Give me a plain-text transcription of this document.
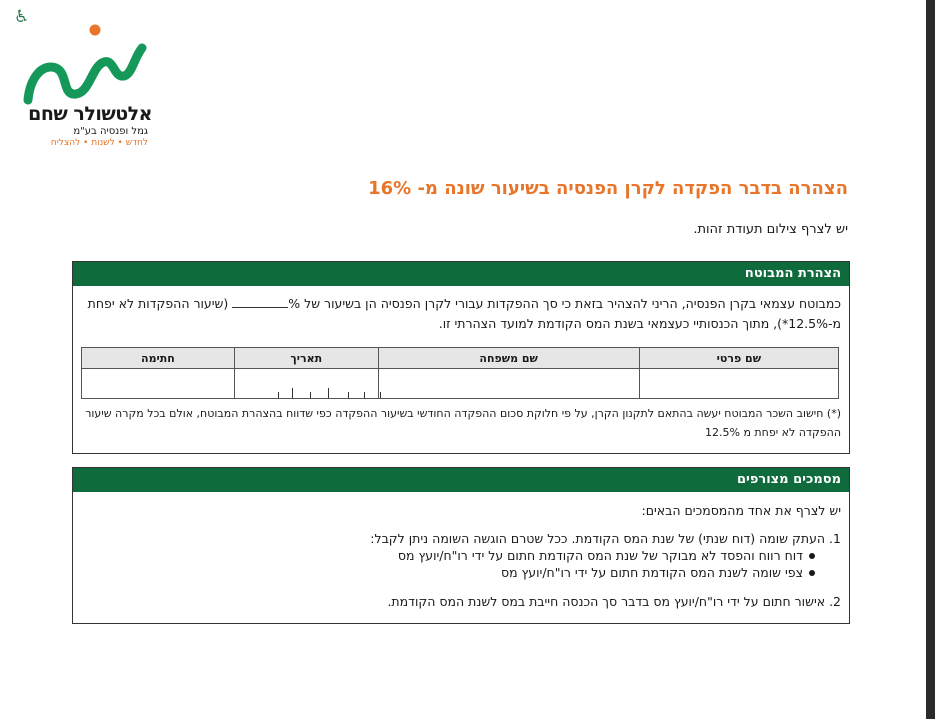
♿
אלטשולר שחם
גמל ופנסיה בע"מ
לחדש • לשנות • להצליח
הצהרה בדבר הפקדה לקרן הפנסיה בשיעור שונה מ- 16%
יש לצרף צילום תעודת זהות.
הצהרת המבוטח
כמבוטח עצמאי בקרן הפנסיה, הריני להצהיר בזאת כי סך ההפקדות עבורי לקרן הפנסיה הן בשיעור של % (שיעור ההפקדות לא יפחת מ-12.5%*), מתוך הכנסותיי כעצמאי בשנת המס הקודמת למועד הצהרתי זו.
שם פרטי	שם משפחה	תאריך	חתימה

(*) חישוב השכר המבוטח יעשה בהתאם לתקנון הקרן, על פי חלוקת סכום ההפקדה החודשי בשיעור ההפקדה כפי שדווח בהצהרת המבוטח, אולם בכל מקרה שיעור ההפקדה לא יפחת מ 12.5%
מסמכים מצורפים
יש לצרף את אחד מהמסמכים הבאים:
1. העתק שומה (דוח שנתי) של שנת המס הקודמת. ככל שטרם הוגשה השומה ניתן לקבל:
דוח רווח והפסד לא מבוקר של שנת המס הקודמת חתום על ידי רו"ח/יועץ מס
צפי שומה לשנת המס הקודמת חתום על ידי רו"ח/יועץ מס
2. אישור חתום על ידי רו"ח/יועץ מס בדבר סך הכנסה חייבת במס לשנת המס הקודמת.
